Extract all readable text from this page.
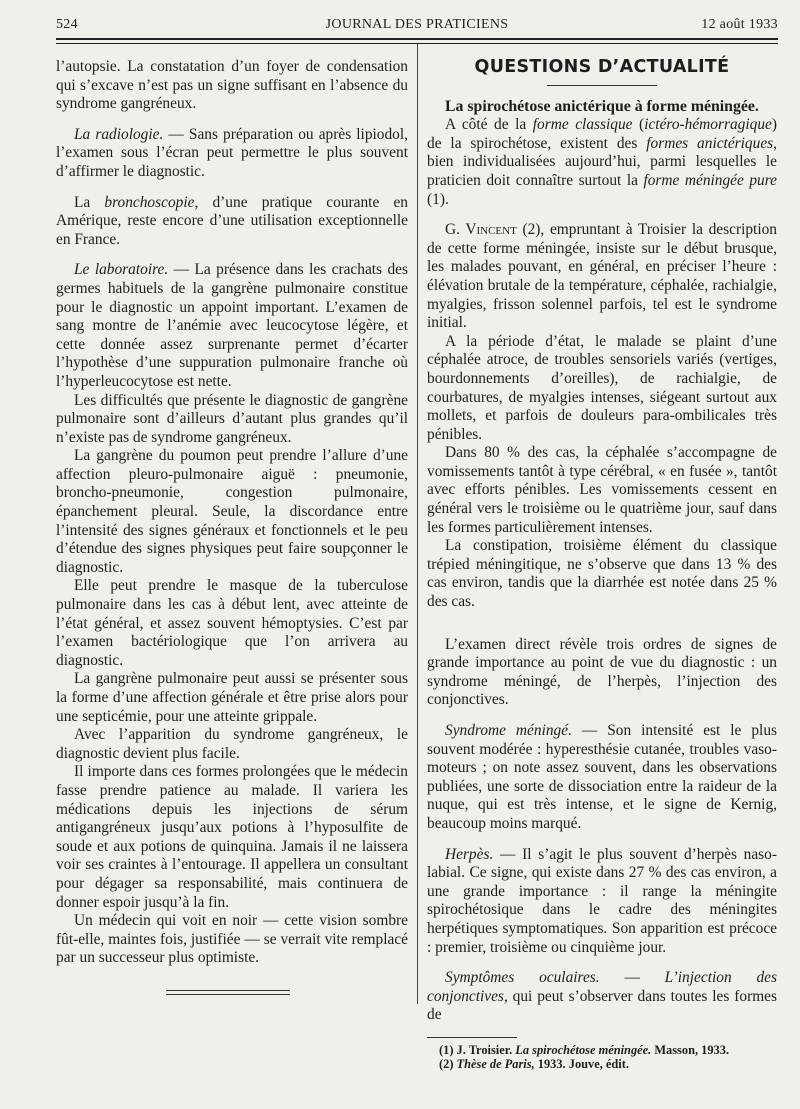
524	JOURNAL DES PRATICIENS	12 août 1933

l’autopsie. La constatation d’un foyer de condensation qui s’excave n’est pas un signe suffisant en l’absence du syndrome gangréneux.

La radiologie. — Sans préparation ou après lipiodol, l’examen sous l’écran peut permettre le plus souvent d’affirmer le diagnostic.

La bronchoscopie, d’une pratique courante en Amérique, reste encore d’une utilisation exceptionnelle en France.

Le laboratoire. — La présence dans les crachats des germes habituels de la gangrène pulmonaire constitue pour le diagnostic un appoint important. L’examen de sang montre de l’anémie avec leucocytose légère, et cette donnée assez surprenante permet d’écarter l’hypothèse d’une suppuration pulmonaire franche où l’hyperleucocytose est nette.

Les difficultés que présente le diagnostic de gangrène pulmonaire sont d’ailleurs d’autant plus grandes qu’il n’existe pas de syndrome gangréneux.

La gangrène du poumon peut prendre l’allure d’une affection pleuro-pulmonaire aiguë : pneumonie, broncho-pneumonie, congestion pulmonaire, épanchement pleural. Seule, la discordance entre l’intensité des signes généraux et fonctionnels et le peu d’étendue des signes physiques peut faire soupçonner le diagnostic.

Elle peut prendre le masque de la tuberculose pulmonaire dans les cas à début lent, avec atteinte de l’état général, et assez souvent hémoptysies. C’est par l’examen bactériologique que l’on arrivera au diagnostic.

La gangrène pulmonaire peut aussi se présenter sous la forme d’une affection générale et être prise alors pour une septicémie, pour une atteinte grippale.

Avec l’apparition du syndrome gangréneux, le diagnostic devient plus facile.

Il importe dans ces formes prolongées que le médecin fasse prendre patience au malade. Il variera les médications depuis les injections de sérum antigangréneux jusqu’aux potions à l’hyposulfite de soude et aux potions de quinquina. Jamais il ne laissera voir ses craintes à l’entourage. Il appellera un consultant pour dégager sa responsabilité, mais continuera de donner espoir jusqu’à la fin.

Un médecin qui voit en noir — cette vision sombre fût-elle, maintes fois, justifiée — se verrait vite remplacé par un successeur plus optimiste.

QUESTIONS D’ACTUALITÉ

La spirochétose anictérique à forme méningée.

A côté de la forme classique (ictéro-hémorragique) de la spirochétose, existent des formes anictériques, bien individualisées aujourd’hui, parmi lesquelles le praticien doit connaître surtout la forme méningée pure (1).

G. Vincent (2), empruntant à Troisier la description de cette forme méningée, insiste sur le début brusque, les malades pouvant, en général, en préciser l’heure : élévation brutale de la température, céphalée, rachialgie, myalgies, frisson solennel parfois, tel est le syndrome initial.

A la période d’état, le malade se plaint d’une céphalée atroce, de troubles sensoriels variés (vertiges, bourdonnements d’oreilles), de rachialgie, de courbatures, de myalgies intenses, siégeant surtout aux mollets, et parfois de douleurs para-ombilicales très pénibles.

Dans 80 % des cas, la céphalée s’accompagne de vomissements tantôt à type cérébral, « en fusée », tantôt avec efforts pénibles. Les vomissements cessent en général vers le troisième ou le quatrième jour, sauf dans les formes particulièrement intenses.

La constipation, troisième élément du classique trépied méningitique, ne s’observe que dans 13 % des cas environ, tandis que la diarrhée est notée dans 25 % des cas.

L’examen direct révèle trois ordres de signes de grande importance au point de vue du diagnostic : un syndrome méningé, de l’herpès, l’injection des conjonctives.

Syndrome méningé. — Son intensité est le plus souvent modérée : hyperesthésie cutanée, troubles vaso-moteurs ; on note assez souvent, dans les observations publiées, une sorte de dissociation entre la raideur de la nuque, qui est très intense, et le signe de Kernig, beaucoup moins marqué.

Herpès. — Il s’agit le plus souvent d’herpès naso-labial. Ce signe, qui existe dans 27 % des cas environ, a une grande importance : il range la méningite spirochétosique dans le cadre des méningites herpétiques symptomatiques. Son apparition est précoce : premier, troisième ou cinquième jour.

Symptômes oculaires. — L’injection des conjonctives, qui peut s’observer dans toutes les formes de

(1) J. Troisier. La spirochétose méningée. Masson, 1933.

(2) Thèse de Paris, 1933. Jouve, édit.
